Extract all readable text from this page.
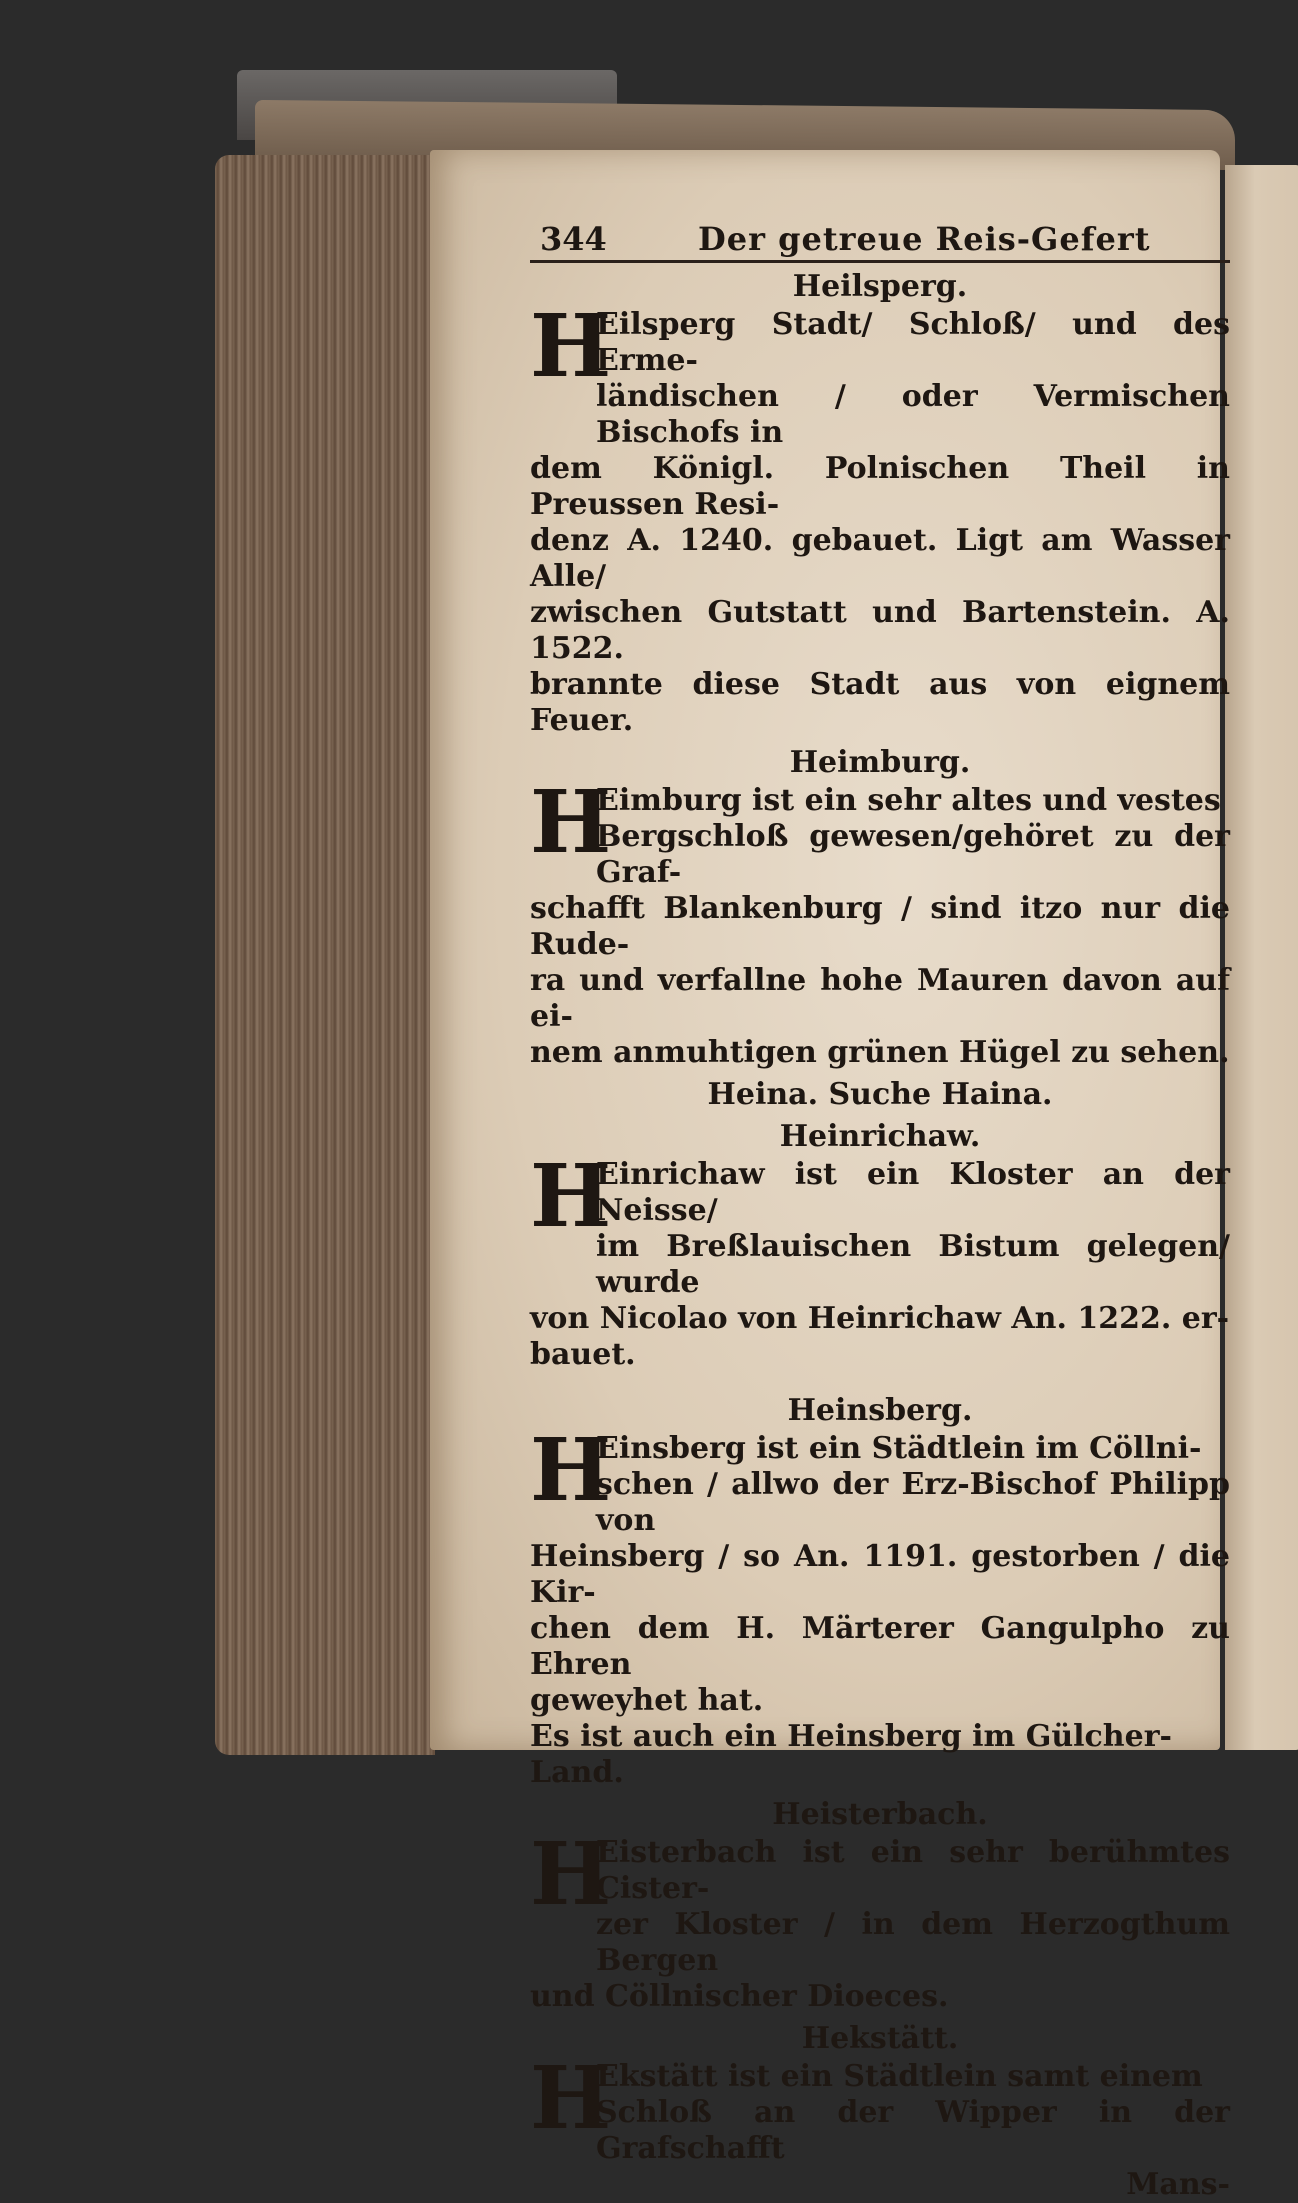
344	Der getreue Reis-Gefert
Heilsperg.
H

Eilsperg Stadt/ Schloß/ und des Erme-

ländischen / oder Vermischen Bischofs in

dem Königl. Polnischen Theil in Preussen Resi-

denz A. 1240. gebauet. Ligt am Wasser Alle/

zwischen Gutstatt und Bartenstein. A. 1522.

brannte diese Stadt aus von eignem Feuer.

Heimburg.
H

Eimburg ist ein sehr altes und vestes

Bergschloß gewesen/gehöret zu der Graf-

schafft Blankenburg / sind itzo nur die Rude-

ra und verfallne hohe Mauren davon auf ei-

nem anmuhtigen grünen Hügel zu sehen.

Heina. Suche Haina.
Heinrichaw.
H

Einrichaw ist ein Kloster an der Neisse/

im Breßlauischen Bistum gelegen/ wurde

von Nicolao von Heinrichaw An. 1222. er-

bauet.

Heinsberg.
H

Einsberg ist ein Städtlein im Cöllni-

schen / allwo der Erz-Bischof Philipp von

Heinsberg / so An. 1191. gestorben / die Kir-

chen dem H. Märterer Gangulpho zu Ehren

geweyhet hat.

Es ist auch ein Heinsberg im Gülcher-Land.

Heisterbach.
H

Eisterbach ist ein sehr berühmtes Cister-

zer Kloster / in dem Herzogthum Bergen

und Cöllnischer Dioeces.

Hekstätt.
H

Ekstätt ist ein Städtlein samt einem

Schloß an der Wipper in der Grafschafft

Mans-
